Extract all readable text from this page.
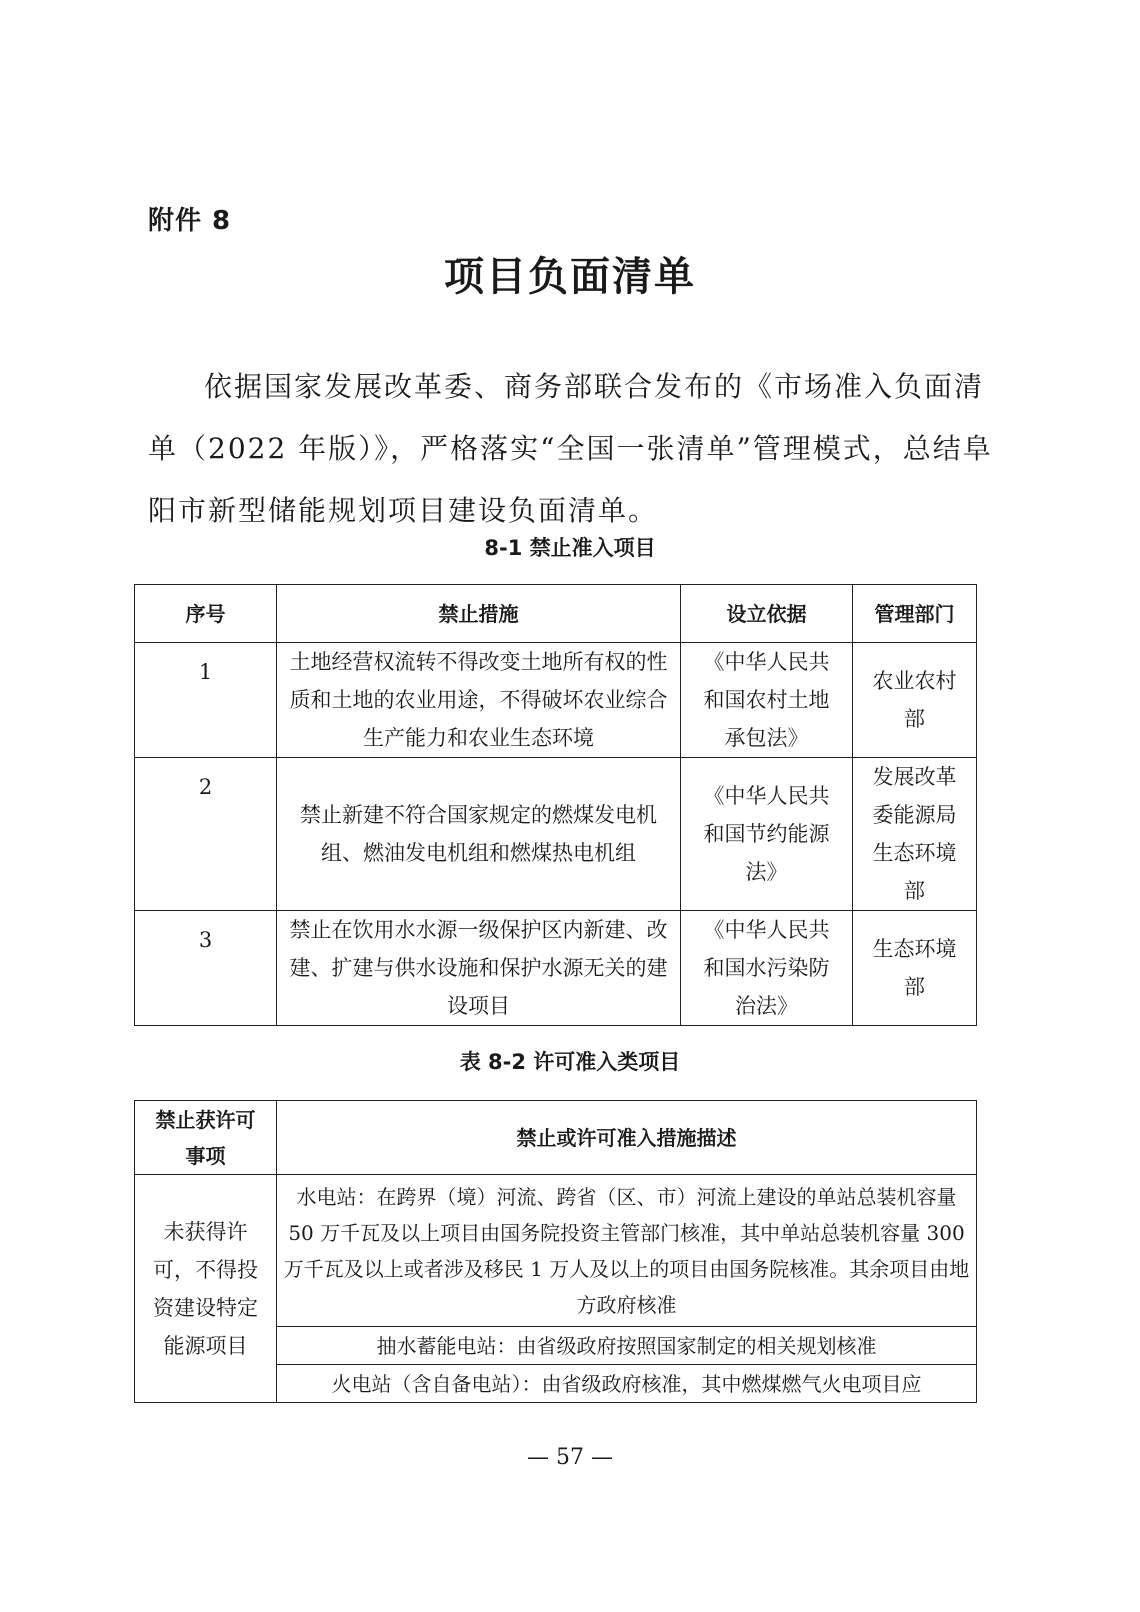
附件 8
项目负面清单

依据国家发展改革委、商务部联合发布的《市场准入负面清
单（2022 年版）》，严格落实“全国一张清单”管理模式，总结阜
阳市新型储能规划项目建设负面清单。

8-1 禁止准入项目
序号	禁止措施	设立依据	管理部门

1	土地经营权流转不得改变土地所有权的性质和土地的农业用途，不得破坏农业综合生产能力和农业生态环境	《中华人民共和国农村土地承包法》	农业农村部

2	禁止新建不符合国家规定的燃煤发电机组、燃油发电机组和燃煤热电机组	《中华人民共和国节约能源法》	发展改革委能源局生态环境部

3	禁止在饮用水水源一级保护区内新建、改建、扩建与供水设施和保护水源无关的建设项目	《中华人民共和国水污染防治法》	生态环境部
表 8-2 许可准入类项目
禁止获许可事项	禁止或许可准入措施描述
未获得许可，不得投资建设特定能源项目	水电站：在跨界（境）河流、跨省（区、市）河流上建设的单站总装机容量 50 万千瓦及以上项目由国务院投资主管部门核准，其中单站总装机容量 300 万千瓦及以上或者涉及移民 1 万人及以上的项目由国务院核准。其余项目由地方政府核准
	抽水蓄能电站：由省级政府按照国家制定的相关规划核准
	火电站（含自备电站）：由省级政府核准，其中燃煤燃气火电项目应
— 57 —
